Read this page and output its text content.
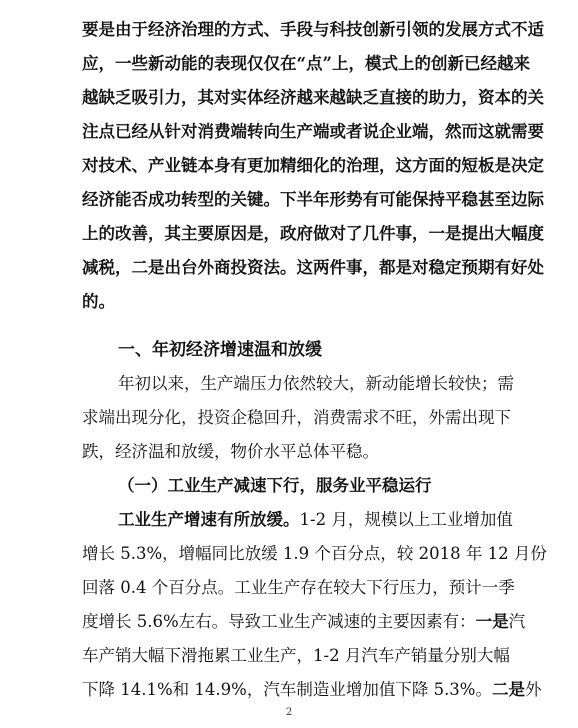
要是由于经济治理的方式、手段与科技创新引领的发展方式不适
应，一些新动能的表现仅仅在“点”上，模式上的创新已经越来
越缺乏吸引力，其对实体经济越来越缺乏直接的助力，资本的关
注点已经从针对消费端转向生产端或者说企业端，然而这就需要
对技术、产业链本身有更加精细化的治理，这方面的短板是决定
经济能否成功转型的关键。下半年形势有可能保持平稳甚至边际
上的改善，其主要原因是，政府做对了几件事，一是提出大幅度
减税，二是出台外商投资法。这两件事，都是对稳定预期有好处
的。
一、年初经济增速温和放缓
年初以来，生产端压力依然较大，新动能增长较快；需
求端出现分化，投资企稳回升，消费需求不旺，外需出现下
跌，经济温和放缓，物价水平总体平稳。
（一）工业生产减速下行，服务业平稳运行
工业生产增速有所放缓。1-2 月，规模以上工业增加值
增长 5.3%，增幅同比放缓 1.9 个百分点，较 2018 年 12 月份
回落 0.4 个百分点。工业生产存在较大下行压力，预计一季
度增长 5.6%左右。导致工业生产减速的主要因素有：一是汽
车产销大幅下滑拖累工业生产，1-2 月汽车产销量分别大幅
下降 14.1%和 14.9%，汽车制造业增加值下降 5.3%。二是外
2
